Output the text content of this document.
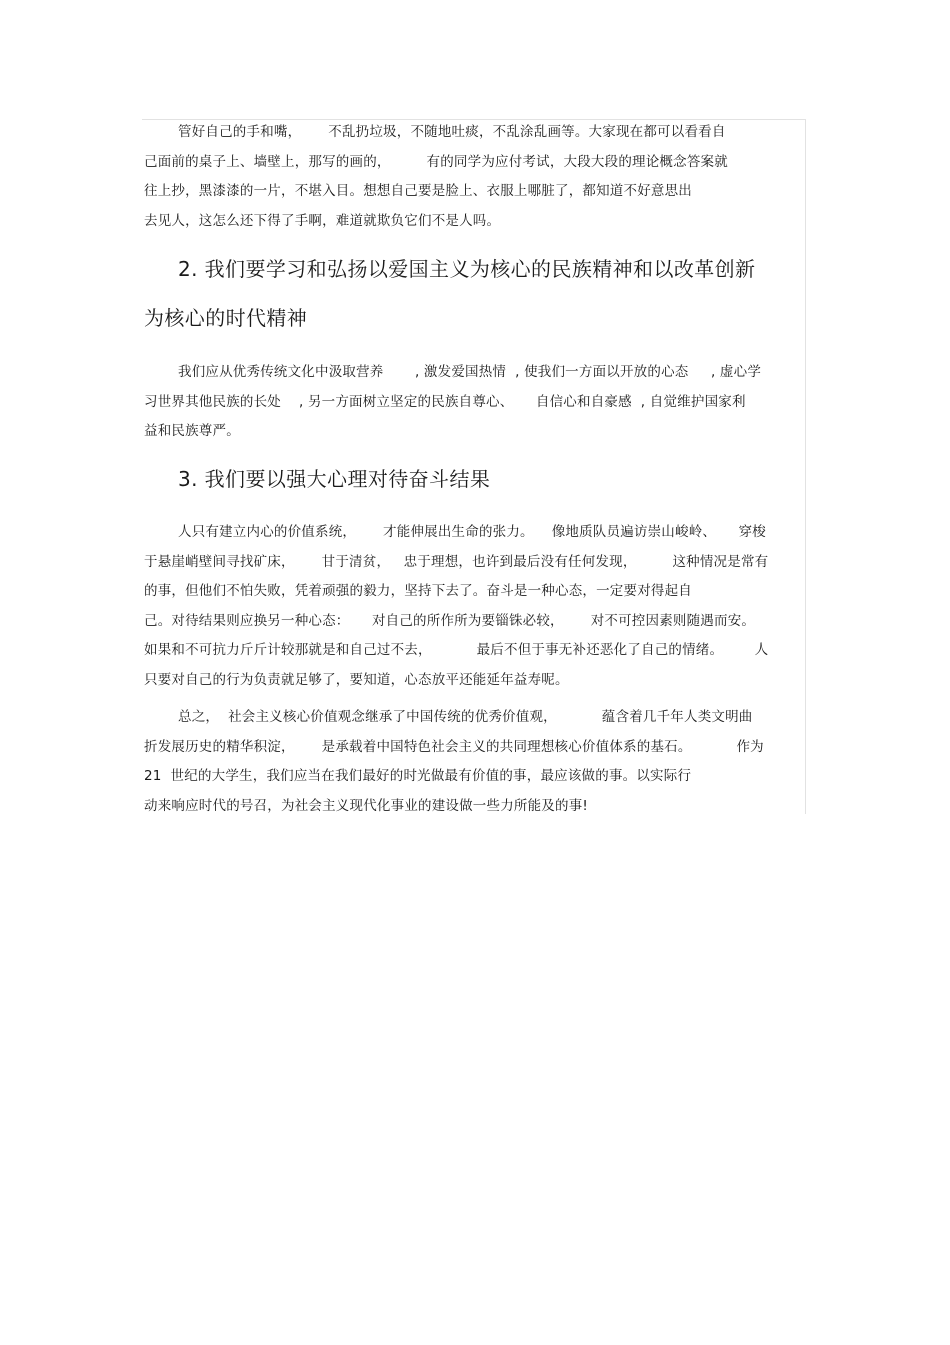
管好自己的手和嘴，      不乱扔垃圾，不随地吐痰，不乱涂乱画等。大家现在都可以看看自
己面前的桌子上、墙壁上，那写的画的，        有的同学为应付考试，大段大段的理论概念答案就
往上抄，黑漆漆的一片，不堪入目。想想自己要是脸上、衣服上哪脏了，都知道不好意思出
去见人，这怎么还下得了手啊，难道就欺负它们不是人吗。
2. 我们要学习和弘扬以爱国主义为核心的民族精神和以改革创新
为核心的时代精神
我们应从优秀传统文化中汲取营养       , 激发爱国热情  , 使我们一方面以开放的心态     , 虚心学
习世界其他民族的长处    , 另一方面树立坚定的民族自尊心、     自信心和自豪感  , 自觉维护国家利
益和民族尊严。
3. 我们要以强大心理对待奋斗结果
人只有建立内心的价值系统，      才能伸展出生命的张力。    像地质队员遍访崇山峻岭、     穿梭
于悬崖峭壁间寻找矿床，      甘于清贫，   忠于理想，也许到最后没有任何发现，        这种情况是常有
的事，但他们不怕失败，凭着顽强的毅力，坚持下去了。奋斗是一种心态，一定要对得起自
己。对待结果则应换另一种心态：     对自己的所作所为要锱铢必较，      对不可控因素则随遇而安。
如果和不可抗力斤斤计较那就是和自己过不去，          最后不但于事无补还恶化了自己的情绪。       人
只要对自己的行为负责就足够了，要知道，心态放平还能延年益寿呢。
总之，  社会主义核心价值观念继承了中国传统的优秀价值观，          蕴含着几千年人类文明曲
折发展历史的精华积淀，      是承载着中国特色社会主义的共同理想核心价值体系的基石。          作为
21  世纪的大学生，我们应当在我们最好的时光做最有价值的事，最应该做的事。以实际行
动来响应时代的号召，为社会主义现代化事业的建设做一些力所能及的事!
